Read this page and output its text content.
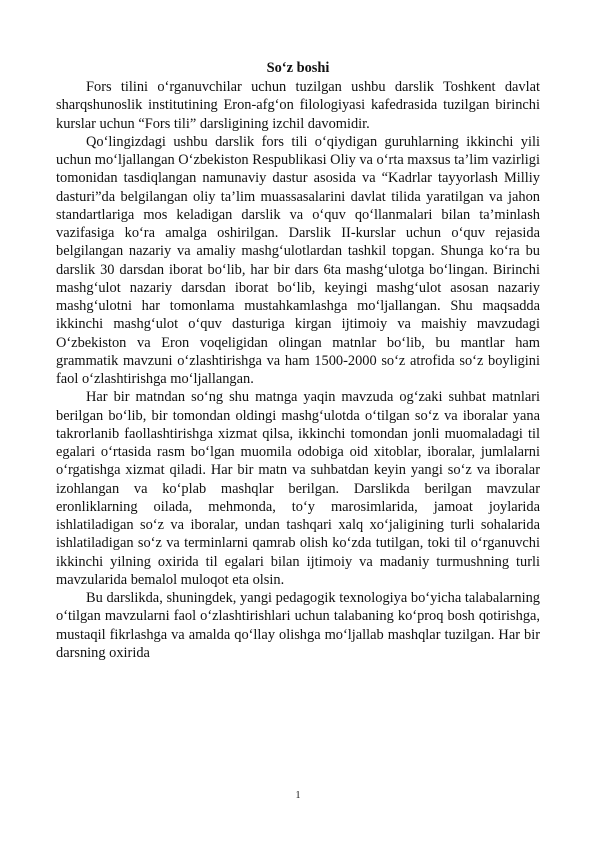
So‘z boshi

Fors tilini o‘rganuvchilar uchun tuzilgan ushbu darslik Toshkent davlat sharqshunoslik institutining Eron-afg‘on filologiyasi kafedrasida tuzilgan birinchi kurslar uchun “Fors tili” darsligining izchil davomidir.

Qo‘lingizdagi ushbu darslik fors tili o‘qiydigan guruhlarning ikkinchi yili uchun mo‘ljallangan O‘zbekiston Respublikasi Oliy va o‘rta maxsus ta’lim vazirligi tomonidan tasdiqlangan namunaviy dastur asosida va “Kadrlar tayyorlash Milliy dasturi”da belgilangan oliy ta’lim muassasalarini davlat tilida yaratilgan va jahon standartlariga mos keladigan darslik va o‘quv qo‘llanmalari bilan ta’minlash vazifasiga ko‘ra amalga oshirilgan. Darslik II-kurslar uchun o‘quv rejasida belgilangan nazariy va amaliy mashg‘ulotlardan tashkil topgan. Shunga ko‘ra bu darslik 30 darsdan iborat bo‘lib, har bir dars 6ta mashg‘ulotga bo‘lingan. Birinchi mashg‘ulot nazariy darsdan iborat bo‘lib, keyingi mashg‘ulot asosan nazariy mashg‘ulotni har tomonlama mustahkamlashga mo‘ljallangan. Shu maqsadda ikkinchi mashg‘ulot o‘quv dasturiga kirgan ijtimoiy va maishiy mavzudagi O‘zbekiston va Eron voqeligidan olingan matnlar bo‘lib, bu mantlar ham grammatik mavzuni o‘zlashtirishga va ham 1500-2000 so‘z atrofida so‘z boyligini faol o‘zlashtirishga mo‘ljallangan.

Har bir matndan so‘ng shu matnga yaqin mavzuda og‘zaki suhbat matnlari berilgan bo‘lib, bir tomondan oldingi mashg‘ulotda o‘tilgan so‘z va iboralar yana takrorlanib faollashtirishga xizmat qilsa, ikkinchi tomondan jonli muomaladagi til egalari o‘rtasida rasm bo‘lgan muomila odobiga oid xitoblar, iboralar, jumlalarni o‘rgatishga xizmat qiladi. Har bir matn va suhbatdan keyin yangi so‘z va iboralar izohlangan va ko‘plab mashqlar berilgan. Darslikda berilgan mavzular eronliklarning oilada, mehmonda, to‘y marosimlarida, jamoat joylarida ishlatiladigan so‘z va iboralar, undan tashqari xalq xo‘jaligining turli sohalarida ishlatiladigan so‘z va terminlarni qamrab olish ko‘zda tutilgan, toki til o‘rganuvchi ikkinchi yilning oxirida til egalari bilan ijtimoiy va madaniy turmushning turli mavzularida bemalol muloqot eta olsin.

Bu darslikda, shuningdek, yangi pedagogik texnologiya bo‘yicha talabalarning o‘tilgan mavzularni faol o‘zlashtirishlari uchun talabaning ko‘proq bosh qotirishga, mustaqil fikrlashga va amalda qo‘llay olishga mo‘ljallab mashqlar tuzilgan. Har bir darsning oxirida

1
